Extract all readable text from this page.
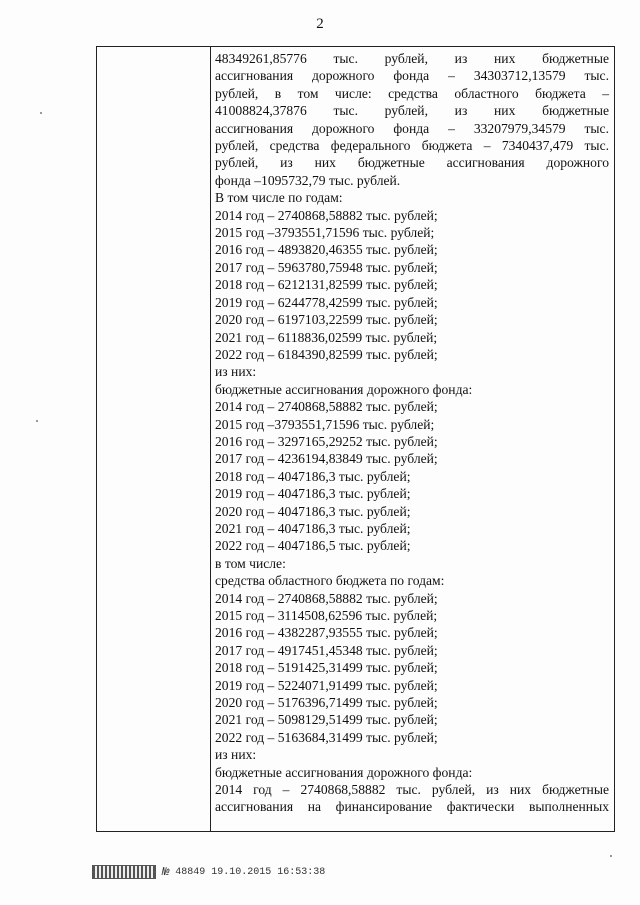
2
48349261,85776 тыс. рублей, из них бюджетные
ассигнования дорожного фонда – 34303712,13579 тыс.
рублей, в том числе: средства областного бюджета –
41008824,37876 тыс. рублей, из них бюджетные
ассигнования дорожного фонда – 33207979,34579 тыс.
рублей, средства федерального бюджета – 7340437,479 тыс.
рублей, из них бюджетные ассигнования дорожного
фонда –1095732,79 тыс. рублей.
В том числе по годам:
2014 год – 2740868,58882 тыс. рублей;
2015 год –3793551,71596 тыс. рублей;
2016 год – 4893820,46355 тыс. рублей;
2017 год – 5963780,75948 тыс. рублей;
2018 год – 6212131,82599 тыс. рублей;
2019 год – 6244778,42599 тыс. рублей;
2020 год – 6197103,22599 тыс. рублей;
2021 год – 6118836,02599 тыс. рублей;
2022 год – 6184390,82599 тыс. рублей;
из них:
бюджетные ассигнования дорожного фонда:
2014 год – 2740868,58882 тыс. рублей;
2015 год –3793551,71596 тыс. рублей;
2016 год – 3297165,29252 тыс. рублей;
2017 год – 4236194,83849 тыс. рублей;
2018 год – 4047186,3 тыс. рублей;
2019 год – 4047186,3 тыс. рублей;
2020 год – 4047186,3 тыс. рублей;
2021 год – 4047186,3 тыс. рублей;
2022 год – 4047186,5 тыс. рублей;
в том числе:
средства областного бюджета по годам:
2014 год – 2740868,58882 тыс. рублей;
2015 год – 3114508,62596 тыс. рублей;
2016 год – 4382287,93555 тыс. рублей;
2017 год – 4917451,45348 тыс. рублей;
2018 год – 5191425,31499 тыс. рублей;
2019 год – 5224071,91499 тыс. рублей;
2020 год – 5176396,71499 тыс. рублей;
2021 год – 5098129,51499 тыс. рублей;
2022 год – 5163684,31499 тыс. рублей;
из них:
бюджетные ассигнования дорожного фонда:
2014 год – 2740868,58882 тыс. рублей, из них бюджетные
ассигнования на финансирование фактически выполненных
№ 48849 19.10.2015 16:53:38
